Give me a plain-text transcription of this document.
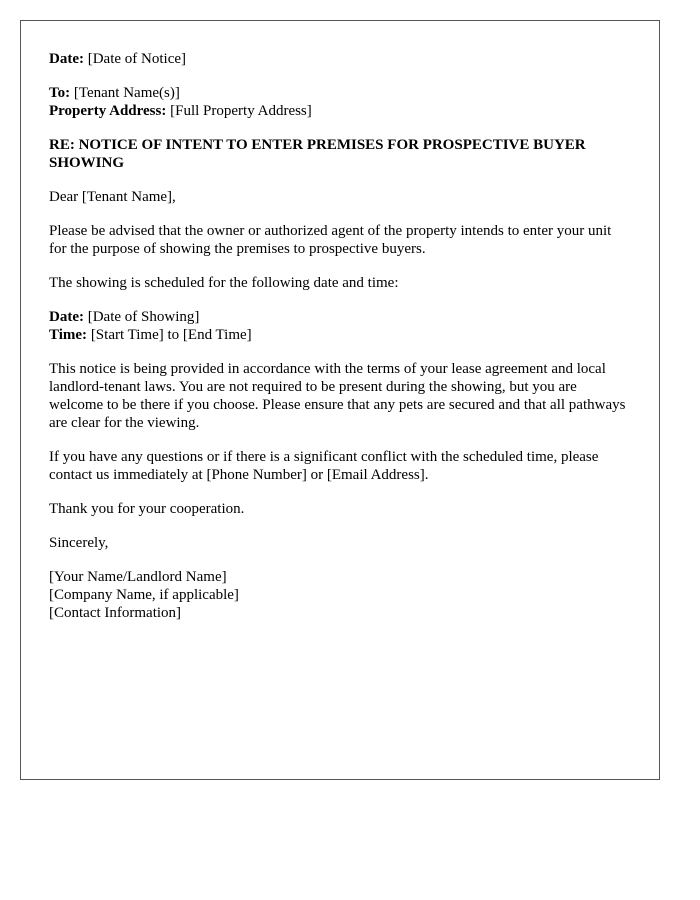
Date: [Date of Notice]
To: [Tenant Name(s)]
Property Address: [Full Property Address]
RE: NOTICE OF INTENT TO ENTER PREMISES FOR PROSPECTIVE BUYER SHOWING
Dear [Tenant Name],
Please be advised that the owner or authorized agent of the property intends to enter your unit for the purpose of showing the premises to prospective buyers.
The showing is scheduled for the following date and time:
Date: [Date of Showing]
Time: [Start Time] to [End Time]
This notice is being provided in accordance with the terms of your lease agreement and local landlord-tenant laws. You are not required to be present during the showing, but you are welcome to be there if you choose. Please ensure that any pets are secured and that all pathways are clear for the viewing.
If you have any questions or if there is a significant conflict with the scheduled time, please contact us immediately at [Phone Number] or [Email Address].
Thank you for your cooperation.
Sincerely,
[Your Name/Landlord Name]
[Company Name, if applicable]
[Contact Information]
